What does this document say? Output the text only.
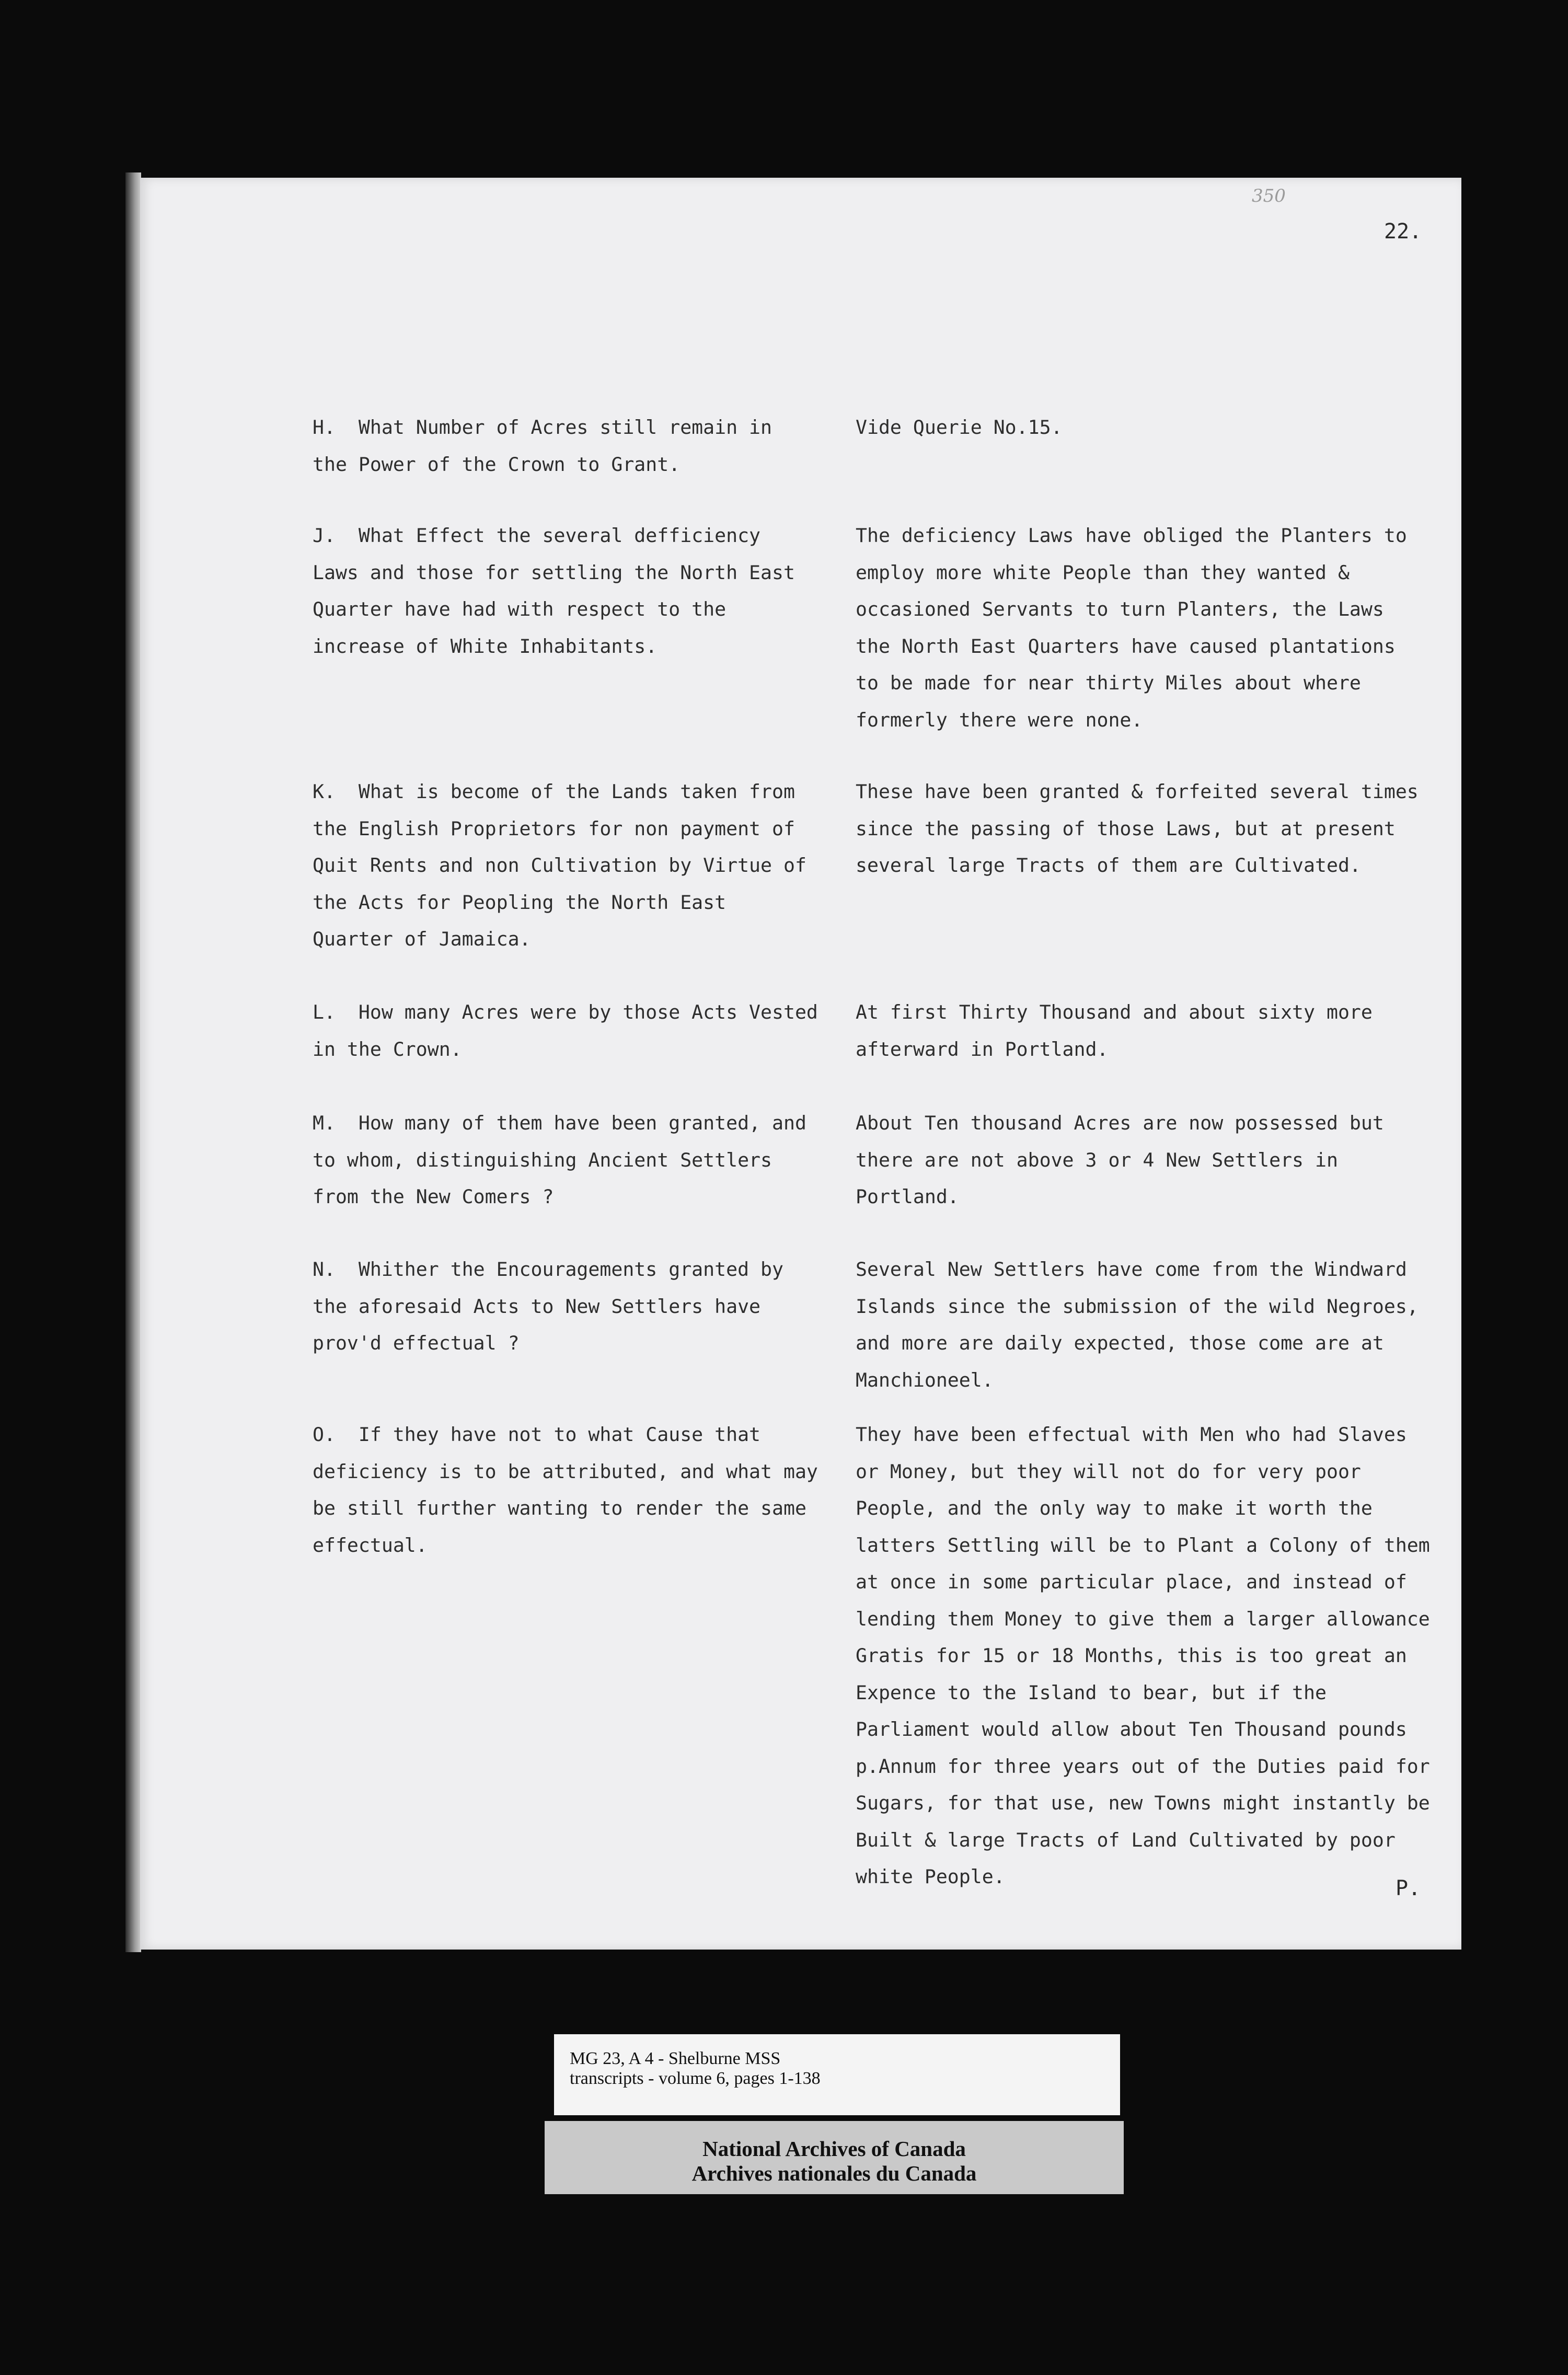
350
22.
H.  What Number of Acres still remain in
the Power of the Crown to Grant.
Vide Querie No.15.
J.  What Effect the several defficiency
Laws and those for settling the North East
Quarter have had with respect to the
increase of White Inhabitants.
The deficiency Laws have obliged the Planters to
employ more white People than they wanted &
occasioned Servants to turn Planters, the Laws
the North East Quarters have caused plantations
to be made for near thirty Miles about where
formerly there were none.
K.  What is become of the Lands taken from
the English Proprietors for non payment of
Quit Rents and non Cultivation by Virtue of
the Acts for Peopling the North East
Quarter of Jamaica.
These have been granted & forfeited several times
since the passing of those Laws, but at present
several large Tracts of them are Cultivated.
L.  How many Acres were by those Acts Vested
in the Crown.
At first Thirty Thousand and about sixty more
afterward in Portland.
M.  How many of them have been granted, and
to whom, distinguishing Ancient Settlers
from the New Comers ?
About Ten thousand Acres are now possessed but
there are not above 3 or 4 New Settlers in
Portland.
N.  Whither the Encouragements granted by
the aforesaid Acts to New Settlers have
prov'd effectual ?
Several New Settlers have come from the Windward
Islands since the submission of the wild Negroes,
and more are daily expected, those come are at
Manchioneel.
O.  If they have not to what Cause that
deficiency is to be attributed, and what may
be still further wanting to render the same
effectual.
They have been effectual with Men who had Slaves
or Money, but they will not do for very poor
People, and the only way to make it worth the
latters Settling will be to Plant a Colony of them
at once in some particular place, and instead of
lending them Money to give them a larger allowance
Gratis for 15 or 18 Months, this is too great an
Expence to the Island to bear, but if the
Parliament would allow about Ten Thousand pounds
p.Annum for three years out of the Duties paid for
Sugars, for that use, new Towns might instantly be
Built & large Tracts of Land Cultivated by poor
white People.	P.
MG 23, A 4 - Shelburne MSS
transcripts - volume 6, pages 1-138
National Archives of Canada
Archives nationales du Canada
